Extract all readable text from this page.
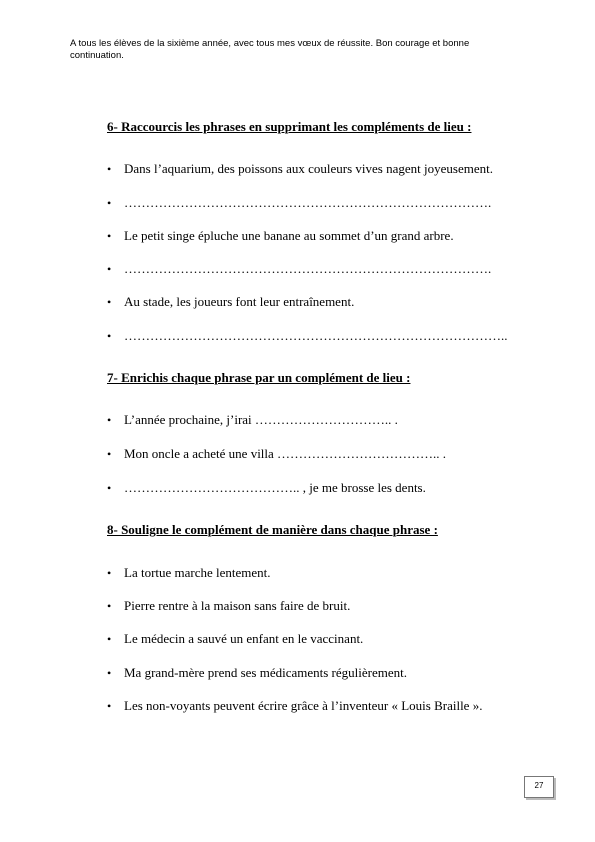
A tous les élèves de la sixième année, avec tous mes vœux de réussite. Bon courage et bonne continuation.
6- Raccourcis les phrases en supprimant les compléments de lieu :
• Dans l’aquarium, des poissons aux couleurs vives nagent joyeusement.
• ………………………………………………………………………….
• Le petit singe épluche une banane au sommet d’un grand arbre.
• ………………………………………………………………………….
• Au stade, les joueurs font leur entraînement.
• ……………………………………………………………………………..
7- Enrichis chaque phrase par un complément de lieu :
• L’année prochaine, j’irai ………………………….. .
• Mon oncle a acheté une villa ……………………………….. .
• ………………………………….. , je me brosse les dents.
8- Souligne le complément de manière dans chaque phrase :
• La tortue marche lentement.
• Pierre rentre à la maison sans faire de bruit.
• Le médecin a sauvé un enfant en le vaccinant.
• Ma grand-mère prend ses médicaments régulièrement.
• Les non-voyants peuvent écrire grâce à l’inventeur « Louis Braille ».
27
